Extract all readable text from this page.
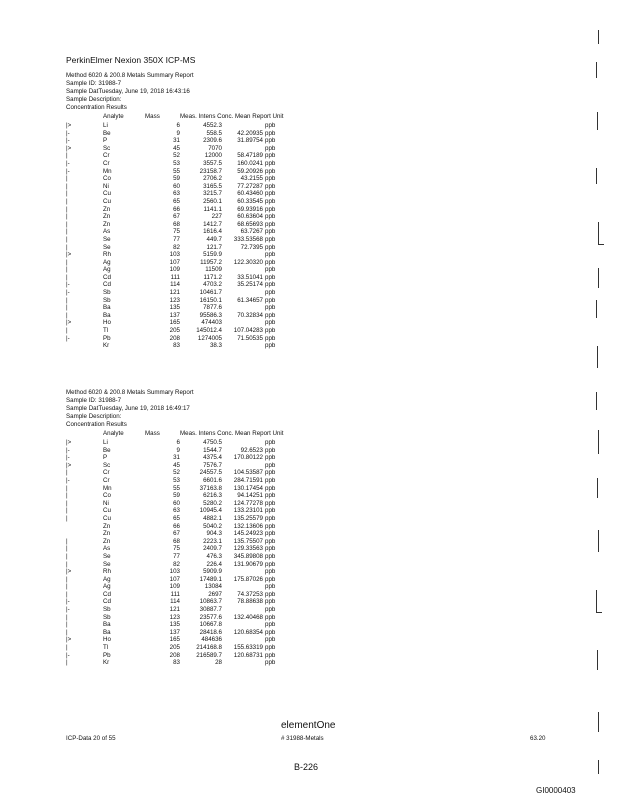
PerkinElmer Nexion 350X ICP-MS
Method 6020 & 200.8 Metals Summary Report
Sample ID: 31988-7
Sample DatTuesday, June 19, 2018 16:43:16
Sample Description:
Concentration Results
Analyte	Mass	Meas. Intens Conc. Mean Report Unit
|>	Li	6	4552.3	ppb
|-	Be	9	558.5	42.20935 ppb
|-	P	31	2309.6	31.89754 ppb
|>	Sc	45	7070	ppb
|	Cr	52	12000	58.47189 ppb
|-	Cr	53	3557.5	160.0241 ppb
|-	Mn	55	23158.7	59.20926 ppb
|	Co	59	2706.2	43.2155 ppb
|	Ni	60	3165.5	77.27287 ppb
|	Cu	63	3215.7	60.43460 ppb
|	Cu	65	2560.1	60.33545 ppb
|	Zn	66	1141.1	69.93916 ppb
|	Zn	67	227	60.63604 ppb
|	Zn	68	1412.7	68.65693 ppb
|	As	75	1616.4	63.7267 ppb
|	Se	77	449.7	333.53568 ppb
|	Se	82	121.7	72.7395 ppb
|>	Rh	103	5159.9	ppb
|	Ag	107	11957.2	122.30320 ppb
|	Ag	109	11509	ppb
|	Cd	111	1171.2	33.51041 ppb
|-	Cd	114	4703.2	35.25174 ppb
|-	Sb	121	10461.7	ppb
|	Sb	123	16150.1	61.34657 ppb
|	Ba	135	7877.6	ppb
|	Ba	137	95586.3	70.32834 ppb
|>	Ho	165	474403	ppb
|	Tl	205	145012.4	107.04283 ppb
|-	Pb	208	1274005	71.50535 ppb
Kr	83	38.3	ppb
Method 6020 & 200.8 Metals Summary Report
Sample ID: 31988-7
Sample DatTuesday, June 19, 2018 16:49:17
Sample Description:
Concentration Results
Analyte	Mass	Meas. Intens Conc. Mean Report Unit
|>	Li	6	4750.5	ppb
|-	Be	9	1544.7	92.6523 ppb
|-	P	31	4375.4	170.80122 ppb
|>	Sc	45	7576.7	ppb
|	Cr	52	24557.5	104.53587 ppb
|-	Cr	53	6601.6	284.71591 ppb
|	Mn	55	37163.8	130.17454 ppb
|	Co	59	6216.3	94.14251 ppb
|	Ni	60	5280.2	124.77278 ppb
|	Cu	63	10945.4	133.23101 ppb
|	Cu	65	4882.1	135.25579 ppb
Zn	66	5040.2	132.13606 ppb
Zn	67	904.3	145.24923 ppb
|	Zn	68	2223.1	135.75507 ppb
|	As	75	2409.7	129.33563 ppb
|	Se	77	476.3	345.89808 ppb
|	Se	82	226.4	131.90679 ppb
|>	Rh	103	5909.9	ppb
|	Ag	107	17489.1	175.87026 ppb
|	Ag	109	13084	ppb
|	Cd	111	2697	74.37253 ppb
|-	Cd	114	10863.7	78.88638 ppb
|-	Sb	121	30887.7	ppb
|	Sb	123	23577.6	132.40468 ppb
|	Ba	135	10667.8	ppb
|	Ba	137	28418.6	120.68354 ppb
|>	Ho	165	484636	ppb
|	Tl	205	214168.8	155.63319 ppb
|-	Pb	208	216589.7	120.68731 ppb
|	Kr	83	28	ppb
elementOne
ICP-Data 20 of 55	# 31988-Metals	63.20
B-226
GI0000403
